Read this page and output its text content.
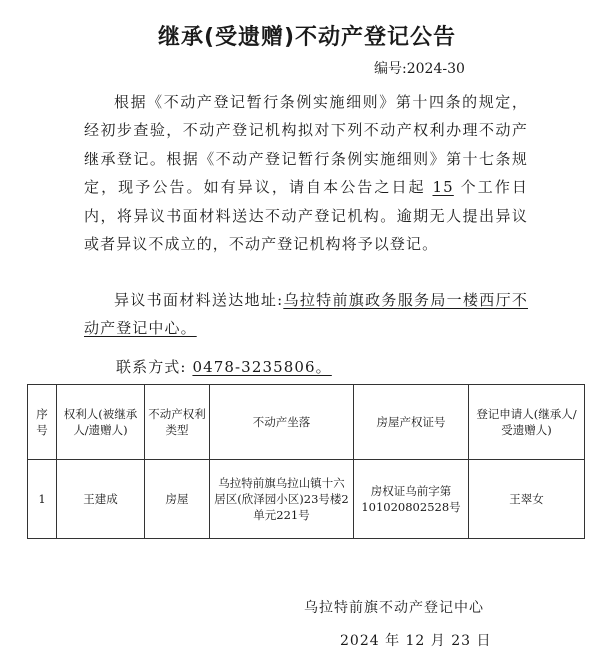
继承(受遗赠)不动产登记公告
编号:2024-30
根据《不动产登记暂行条例实施细则》第十四条的规定，经初步查验，不动产登记机构拟对下列不动产权利办理不动产继承登记。根据《不动产登记暂行条例实施细则》第十七条规定，现予公告。如有异议，请自本公告之日起 15 个工作日内，将异议书面材料送达不动产登记机构。逾期无人提出异议或者异议不成立的，不动产登记机构将予以登记。
异议书面材料送达地址:乌拉特前旗政务服务局一楼西厅不动产登记中心。
联系方式: 0478-3235806。
序号	权利人(被继承人/遗赠人)	不动产权利类型	不动产坐落	房屋产权证号	登记申请人(继承人/受遗赠人)
1	王建成	房屋	乌拉特前旗乌拉山镇十六居区(欣泽园小区)23号楼2单元221号	房权证乌前字第101020802528号	王翠女
乌拉特前旗不动产登记中心
2024 年 12 月 23 日
